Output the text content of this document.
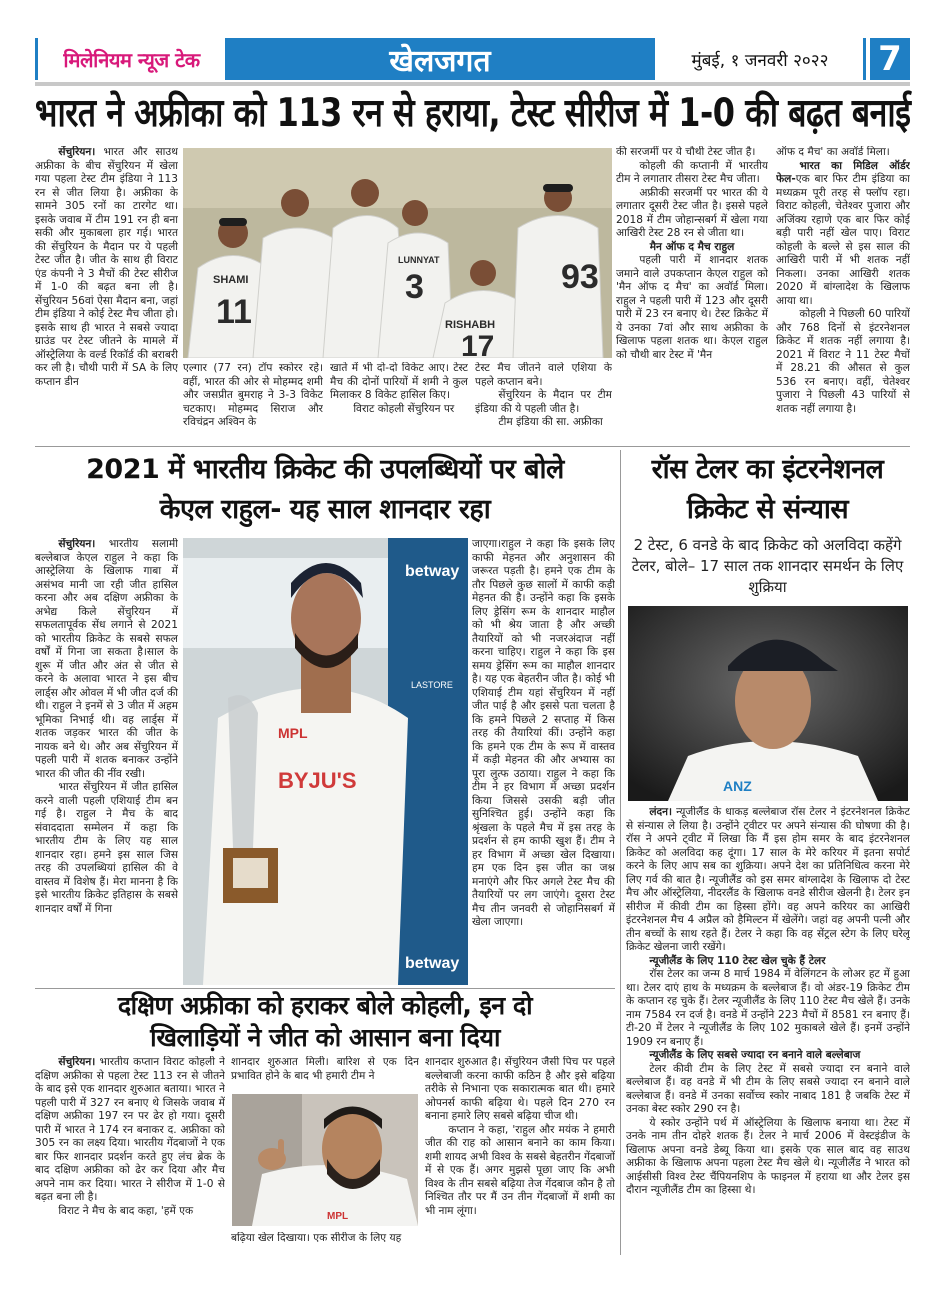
मिलेनियम न्यूज टेक	खेलजगत	मुंबई, १ जनवरी २०२२	7
भारत ने अफ्रीका को 113 रन से हराया, टेस्ट सीरीज में 1-0 की बढ़त बनाई

सेंचुरियन। भारत और साउथ अफ्रीका के बीच सेंचुरियन में खेला गया पहला टेस्ट टीम इंडिया ने 113 रन से जीत लिया है। अफ्रीका के सामने 305 रनों का टारगेट था। इसके जवाब में टीम 191 रन ही बना सकी और मुकाबला हार गई। भारत की सेंचुरियन के मैदान पर ये पहली टेस्ट जीत है। जीत के साथ ही विराट एंड कंपनी ने 3 मैचों की टेस्ट सीरीज में 1-0 की बढ़त बना ली है। सेंचुरियन 56वां ऐसा मैदान बना, जहां टीम इंडिया ने कोई टेस्ट मैच जीता हो। इसके साथ ही भारत ने सबसे ज्यादा ग्राउंड पर टेस्ट जीतने के मामले में ऑस्ट्रेलिया के वर्ल्ड रिकॉर्ड की बराबरी कर ली है। चौथी पारी में SA के लिए कप्तान डीन

SHAMI
11	RISHABH
17
93
3
LUNNYAT

एल्गार (77 रन) टॉप स्कोरर रहे। वहीं, भारत की ओर से मोहम्मद शमी और जसप्रीत बुमराह ने 3-3 विकेट चटकाए। मोहम्मद सिराज और रविचंद्रन अश्विन के

खाते में भी दो-दो विकेट आए। टेस्ट मैच की दोनों पारियों में शमी ने कुल मिलाकर 8 विकेट हासिल किए।

विराट कोहली सेंचुरियन पर

टेस्ट मैच जीतने वाले एशिया के पहले कप्तान बने।

सेंचुरियन के मैदान पर टीम इंडिया की ये पहली जीत है।

टीम इंडिया की सा. अफ्रीका

की सरजमीं पर ये चौथी टेस्ट जीत है।

कोहली की कप्तानी में भारतीय टीम ने लगातार तीसरा टेस्ट मैच जीता।

अफ्रीकी सरजमीं पर भारत की ये लगातार दूसरी टेस्ट जीत है। इससे पहले 2018 में टीम जोहान्सबर्ग में खेला गया आखिरी टेस्ट 28 रन से जीता था।

मैन ऑफ द मैच राहुल

पहली पारी में शानदार शतक जमाने वाले उपकप्तान केएल राहुल को 'मैन ऑफ द मैच' का अवॉर्ड मिला। राहुल ने पहली पारी में 123 और दूसरी पारी में 23 रन बनाए थे। टेस्ट क्रिकेट में ये उनका 7वां और साथ अफ्रीका के खिलाफ पहला शतक था। केएल राहुल को चौथी बार टेस्ट में 'मैन

ऑफ द मैच' का अवॉर्ड मिला।

भारत का मिडिल ऑर्डर फेल-एक बार फिर टीम इंडिया का मध्यक्रम पूरी तरह से फ्लॉप रहा। विराट कोहली, चेतेश्वर पुजारा और अजिंक्य रहाणे एक बार फिर कोई बड़ी पारी नहीं खेल पाए। विराट कोहली के बल्ले से इस साल की आखिरी पारी में भी शतक नहीं निकला। उनका आखिरी शतक 2020 में बांग्लादेश के खिलाफ आया था।

कोहली ने पिछली 60 पारियों और 768 दिनों से इंटरनेशनल क्रिकेट में शतक नहीं लगाया है। 2021 में विराट ने 11 टेस्ट मैचों में 28.21 की औसत से कुल 536 रन बनाए। वहीं, चेतेश्वर पुजारा ने पिछली 43 पारियों से शतक नहीं लगाया है।

2021 में भारतीय क्रिकेट की उपलब्धियों पर बोले
केएल राहुल- यह साल शानदार रहा

सेंचुरियन। भारतीय सलामी बल्लेबाज केएल राहुल ने कहा कि आस्ट्रेलिया के खिलाफ गाबा में असंभव मानी जा रही जीत हासिल करना और अब दक्षिण अफ्रीका के अभेद्य किले सेंचुरियन में सफलतापूर्वक सेंध लगाने से 2021 को भारतीय क्रिकेट के सबसे सफल वर्षों में गिना जा सकता है।साल के शुरू में जीत और अंत से जीत से करने के अलावा भारत ने इस बीच लार्ड्स और ओवल में भी जीत दर्ज की थी। राहुल ने इनमें से 3 जीत में अहम भूमिका निभाई थी। वह लार्ड्स में शतक जड़कर भारत की जीत के नायक बने थे। और अब सेंचुरियन में पहली पारी में शतक बनाकर उन्होंने भारत की जीत की नींव रखी।

भारत सेंचुरियन में जीत हासिल करने वाली पहली एशियाई टीम बन गई है। राहुल ने मैच के बाद संवाददाता सम्मेलन में कहा कि भारतीय टीम के लिए यह साल शानदार रहा। हमने इस साल जिस तरह की उपलब्धियां हासिल की वे वास्तव में विशेष हैं। मेरा मानना है कि इसे भारतीय क्रिकेट इतिहास के सबसे शानदार वर्षों में गिना

betway
betway
BYJU'S
MPL
LASTORE

जाएगा।राहुल ने कहा कि इसके लिए काफी मेहनत और अनुशासन की जरूरत पड़ती है। हमने एक टीम के तौर पिछले कुछ सालों में काफी कड़ी मेहनत की है। उन्होंने कहा कि इसके लिए ड्रेसिंग रूम के शानदार माहौल को भी श्रेय जाता है और अच्छी तैयारियों को भी नजरअंदाज नहीं करना चाहिए। राहुल ने कहा कि इस समय ड्रेसिंग रूम का माहौल शानदार है। यह एक बेहतरीन जीत है। कोई भी एशियाई टीम यहां सेंचुरियन में नहीं जीत पाई है और इससे पता चलता है कि हमने पिछले 2 सप्ताह में किस तरह की तैयारियां कीं। उन्होंने कहा कि हमने एक टीम के रूप में वास्तव में कड़ी मेहनत की और अभ्यास का पूरा लुत्फ उठाया। राहुल ने कहा कि टीम ने हर विभाग में अच्छा प्रदर्शन किया जिससे उसकी बड़ी जीत सुनिश्चित हुई। उन्होंने कहा कि श्रृंखला के पहले मैच में इस तरह के प्रदर्शन से हम काफी खुश हैं। टीम ने हर विभाग में अच्छा खेल दिखाया। हम एक दिन इस जीत का जश्न मनाएंगे और फिर अगले टेस्ट मैच की तैयारियों पर लग जाएंगे। दूसरा टेस्ट मैच तीन जनवरी से जोहानिसबर्ग में खेला जाएगा।

रॉस टेलर का इंटरनेशनल
क्रिकेट से संन्यास
2 टेस्ट, 6 वनडे के बाद क्रिकेट को अलविदा कहेंगे टेलर, बोले– 17 साल तक शानदार समर्थन के लिए शुक्रिया
ANZ

लंदन। न्यूजीलैंड के धाकड़ बल्लेबाज रॉस टेलर ने इंटरनेशनल क्रिकेट से संन्यास ले लिया है। उन्होंने ट्वीटर पर अपने संन्यास की घोषणा की है। रॉस ने अपने ट्वीट में लिखा कि मैं इस होम समर के बाद इंटरनेशनल क्रिकेट को अलविदा कह दूंगा। 17 साल के मेरे करियर में इतना सपोर्ट करने के लिए आप सब का शुक्रिया। अपने देश का प्रतिनिधित्व करना मेरे लिए गर्व की बात है। न्यूजीलैंड को इस समर बांग्लादेश के खिलाफ दो टेस्ट मैच और ऑस्ट्रेलिया, नीदरलैंड के खिलाफ वनडे सीरीज खेलनी है। टेलर इन सीरीज में कीवी टीम का हिस्सा होंगे। वह अपने करियर का आखिरी इंटरनेशनल मैच 4 अप्रैल को हैमिल्टन में खेलेंगे। जहां वह अपनी पत्नी और तीन बच्चों के साथ रहते हैं। टेलर ने कहा कि वह सेंट्रल स्टेग के लिए घरेलू क्रिकेट खेलना जारी रखेंगे।

न्यूजीलैंड के लिए 110 टेस्ट खेल चुके हैं टेलर

रॉस टेलर का जन्म 8 मार्च 1984 में वेलिंगटन के लोअर हट में हुआ था। टेलर दाएं हाथ के मध्यक्रम के बल्लेबाज हैं। वो अंडर-19 क्रिकेट टीम के कप्तान रह चुके हैं। टेलर न्यूजीलैंड के लिए 110 टेस्ट मैच खेले हैं। उनके नाम 7584 रन दर्ज है। वनडे में उन्होंने 223 मैचों में 8581 रन बनाए हैं। टी-20 में टेलर ने न्यूजीलैंड के लिए 102 मुकाबले खेले हैं। इनमें उन्होंने 1909 रन बनाए हैं।

न्यूजीलैंड के लिए सबसे ज्यादा रन बनाने वाले बल्लेबाज

टेलर कीवी टीम के लिए टेस्ट में सबसे ज्यादा रन बनाने वाले बल्लेबाज हैं। वह वनडे में भी टीम के लिए सबसे ज्यादा रन बनाने वाले बल्लेबाज हैं। वनडे में उनका सर्वोच्च स्कोर नाबाद 181 है जबकि टेस्ट में उनका बेस्ट स्कोर 290 रन है।

ये स्कोर उन्होंने पर्थ में ऑस्ट्रेलिया के खिलाफ बनाया था। टेस्ट में उनके नाम तीन दोहरे शतक हैं। टेलर ने मार्च 2006 में वेस्टइंडीज के खिलाफ अपना वनडे डेब्यू किया था। इसके एक साल बाद वह साउथ अफ्रीका के खिलाफ अपना पहला टेस्ट मैच खेले थे। न्यूजीलैंड ने भारत को आईसीसी विश्व टेस्ट चैंपियनशिप के फाइनल में हराया था और टेलर इस दौरान न्यूजीलैंड टीम का हिस्सा थे।

दक्षिण अफ्रीका को हराकर बोले कोहली, इन दो
खिलाड़ियों ने जीत को आसान बना दिया

सेंचुरियन। भारतीय कप्तान विराट कोहली ने दक्षिण अफ्रीका से पहला टेस्ट 113 रन से जीतने के बाद इसे एक शानदार शुरुआत बताया। भारत ने पहली पारी में 327 रन बनाए थे जिसके जवाब में दक्षिण अफ्रीका 197 रन पर ढेर हो गया। दूसरी पारी में भारत ने 174 रन बनाकर द. अफ्रीका को 305 रन का लक्ष्य दिया। भारतीय गेंदबाजों ने एक बार फिर शानदार प्रदर्शन करते हुए लंच ब्रेक के बाद दक्षिण अफ्रीका को ढेर कर दिया और मैच अपने नाम कर दिया। भारत ने सीरीज में 1-0 से बढ़त बना ली है।

विराट ने मैच के बाद कहा, 'हमें एक

शानदार शुरुआत मिली। बारिश से एक दिन प्रभावित होने के बाद भी हमारी टीम ने

MPL

बढ़िया खेल दिखाया। एक सीरीज के लिए यह

शानदार शुरुआत है। सेंचुरियन जैसी पिच पर पहले बल्लेबाजी करना काफी कठिन है और इसे बढ़िया तरीके से निभाना एक सकारात्मक बात थी। हमारे ओपनर्स काफी बढ़िया थे। पहले दिन 270 रन बनाना हमारे लिए सबसे बढ़िया चीज थी।

कप्तान ने कहा, 'राहुल और मयंक ने हमारी जीत की राह को आसान बनाने का काम किया। शमी शायद अभी विश्व के सबसे बेहतरीन गेंदबाजों में से एक हैं। अगर मुझसे पूछा जाए कि अभी विश्व के तीन सबसे बढ़िया तेज गेंदबाज कौन है तो निश्चित तौर पर मैं उन तीन गेंदबाजों में शमी का भी नाम लूंगा।
